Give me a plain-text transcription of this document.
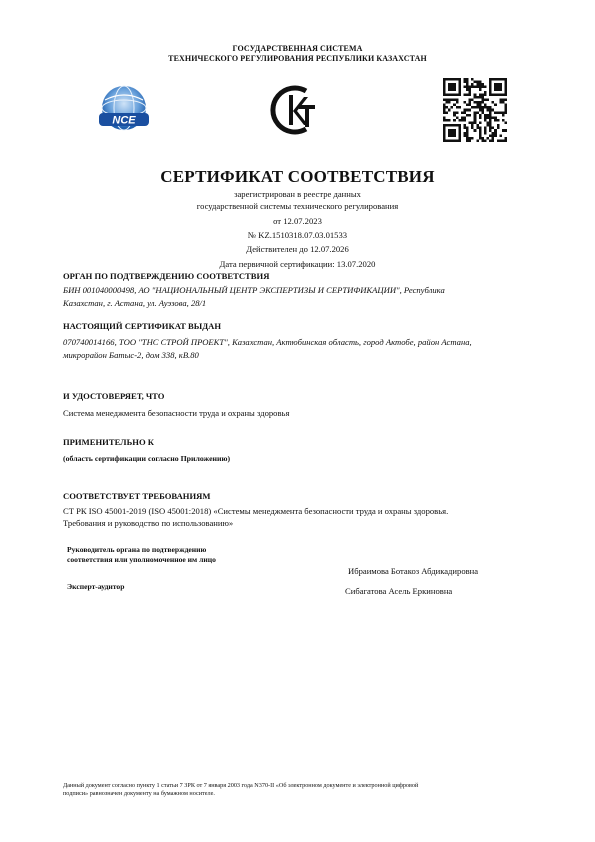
ГОСУДАРСТВЕННАЯ СИСТЕМА
ТЕХНИЧЕСКОГО РЕГУЛИРОВАНИЯ РЕСПУБЛИКИ КАЗАХСТАН
NCE
СЕРТИФИКАТ СООТВЕТСТВИЯ
зарегистрирован в реестре данных
государственной системы технического регулирования
от 12.07.2023
№ KZ.1510318.07.03.01533
Действителен до 12.07.2026
Дата первичной сертификации: 13.07.2020
ОРГАН ПО ПОДТВЕРЖДЕНИЮ СООТВЕТСТВИЯ
БИН 001040000498, АО "НАЦИОНАЛЬНЫЙ ЦЕНТР ЭКСПЕРТИЗЫ И СЕРТИФИКАЦИИ", Республика
Казахстан, г. Астана, ул. Ауэзова, 28/1
НАСТОЯЩИЙ СЕРТИФИКАТ ВЫДАН
070740014166, ТОО "ТНС СТРОЙ ПРОЕКТ", Казахстан, Актюбинская область, город Актобе, район Астана,
микрорайон Батыс-2, дом 338, кВ.80
И УДОСТОВЕРЯЕТ, ЧТО
Система менеджмента безопасности труда и охраны здоровья
ПРИМЕНИТЕЛЬНО К
(область сертификации согласно Приложению)
СООТВЕТСТВУЕТ ТРЕБОВАНИЯМ
СТ РК ISO 45001-2019 (ISO 45001:2018) «Системы менеджмента безопасности труда и охраны здоровья.
Требования и руководство по использованию»
Руководитель органа по подтверждению
соответствия или уполномоченное им лицо
Ибраимова Ботакоз Абдикадировна
Эксперт-аудитор	Сибагатова Асель Еркиновна
Данный документ согласно пункту 1 статьи 7 ЗРК от 7 января 2003 года N370-II «Об электронном документе и электронной цифровой
подписи» равнозначен документу на бумажном носителе.
